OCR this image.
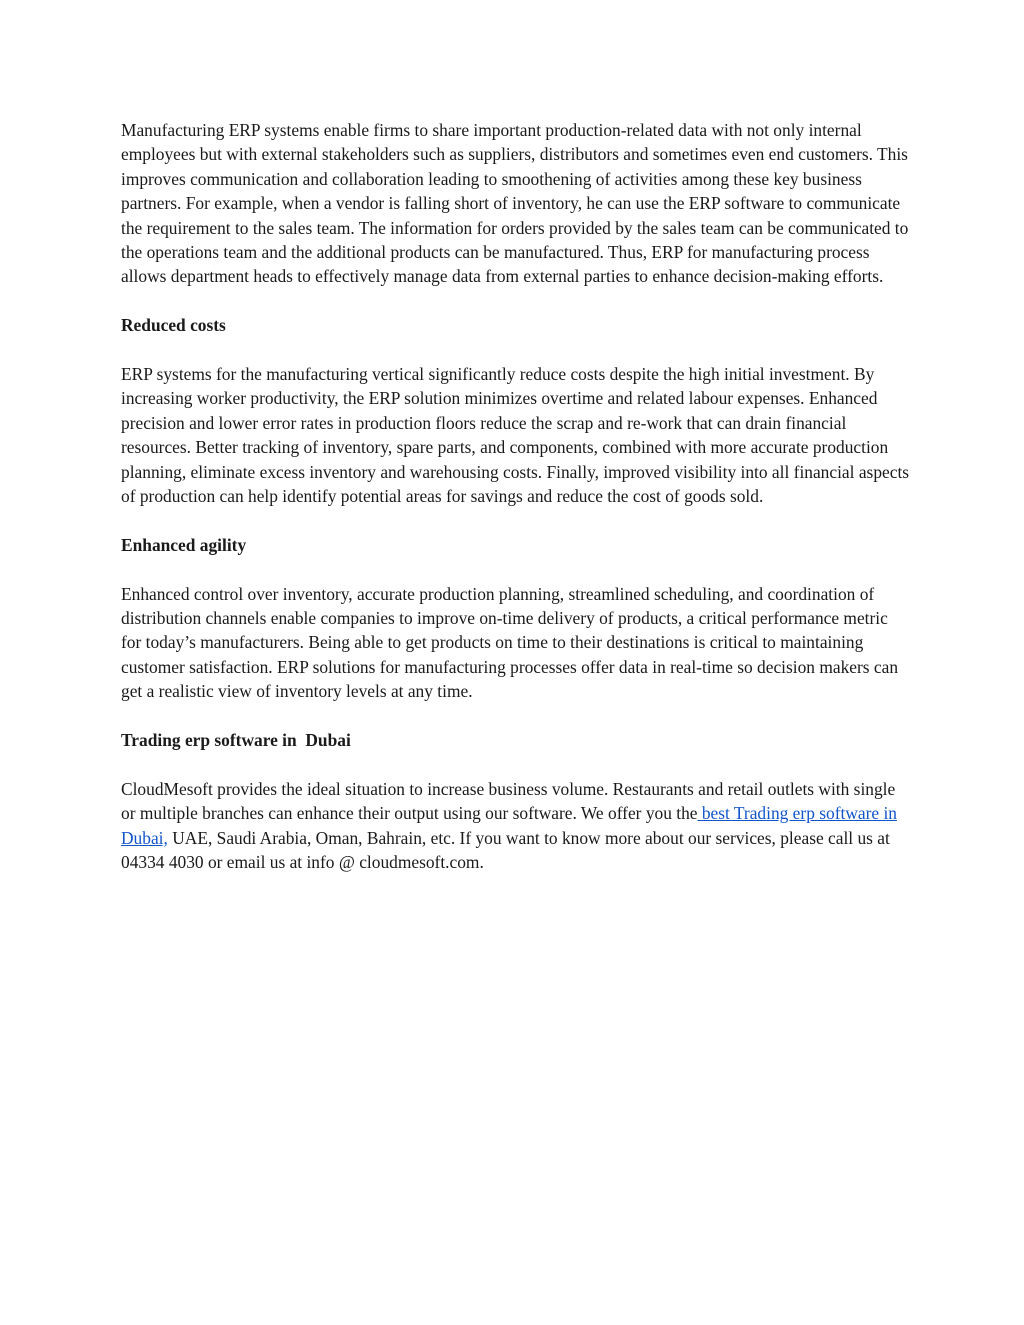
Manufacturing ERP systems enable firms to share important production-related data with not only internal employees but with external stakeholders such as suppliers, distributors and sometimes even end customers. This improves communication and collaboration leading to smoothening of activities among these key business partners. For example, when a vendor is falling short of inventory, he can use the ERP software to communicate the requirement to the sales team. The information for orders provided by the sales team can be communicated to the operations team and the additional products can be manufactured. Thus, ERP for manufacturing process allows department heads to effectively manage data from external parties to enhance decision-making efforts.

Reduced costs

ERP systems for the manufacturing vertical significantly reduce costs despite the high initial investment. By increasing worker productivity, the ERP solution minimizes overtime and related labour expenses. Enhanced precision and lower error rates in production floors reduce the scrap and re-work that can drain financial resources. Better tracking of inventory, spare parts, and components, combined with more accurate production planning, eliminate excess inventory and warehousing costs. Finally, improved visibility into all financial aspects of production can help identify potential areas for savings and reduce the cost of goods sold.

Enhanced agility

Enhanced control over inventory, accurate production planning, streamlined scheduling, and coordination of distribution channels enable companies to improve on-time delivery of products, a critical performance metric for today’s manufacturers. Being able to get products on time to their destinations is critical to maintaining customer satisfaction. ERP solutions for manufacturing processes offer data in real-time so decision makers can get a realistic view of inventory levels at any time.

Trading erp software in  Dubai

CloudMesoft provides the ideal situation to increase business volume. Restaurants and retail outlets with single or multiple branches can enhance their output using our software. We offer you the best Trading erp software in Dubai, UAE, Saudi Arabia, Oman, Bahrain, etc. If you want to know more about our services, please call us at 04334 4030 or email us at info @ cloudmesoft.com.
